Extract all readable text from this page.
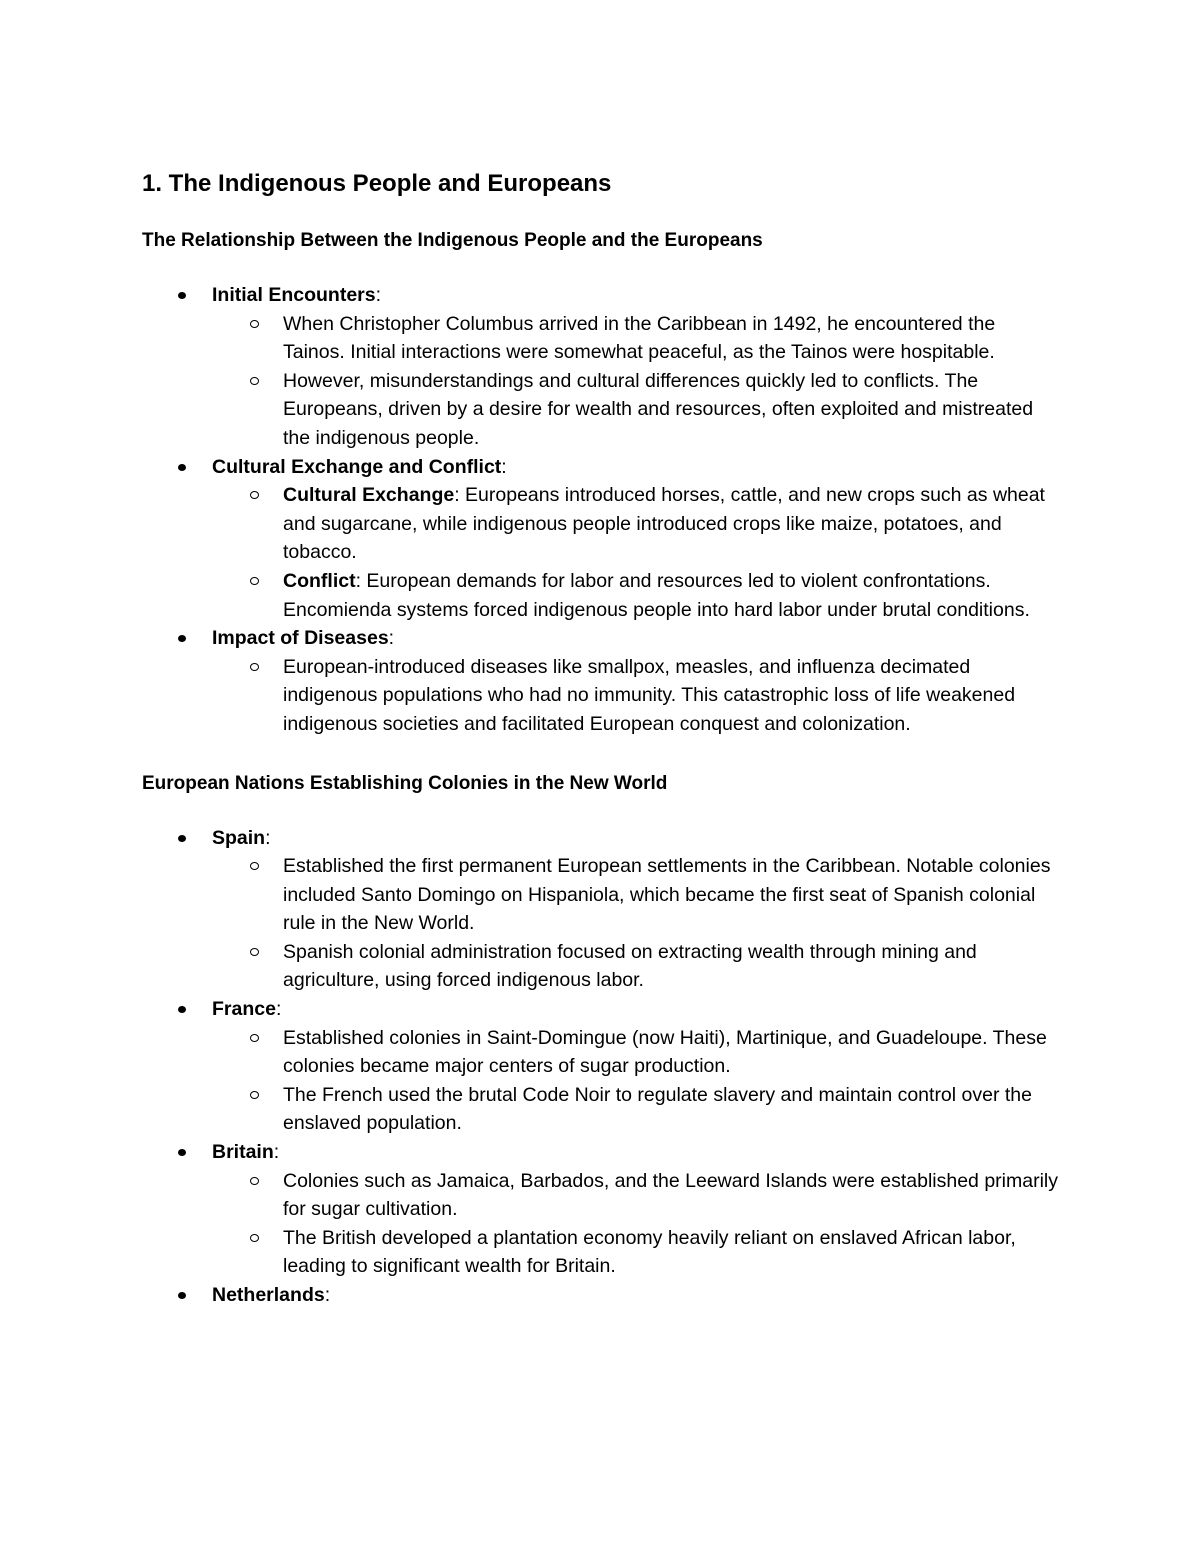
1. The Indigenous People and Europeans
The Relationship Between the Indigenous People and the Europeans
Initial Encounters:
When Christopher Columbus arrived in the Caribbean in 1492, he encountered the Tainos. Initial interactions were somewhat peaceful, as the Tainos were hospitable.
However, misunderstandings and cultural differences quickly led to conflicts. The Europeans, driven by a desire for wealth and resources, often exploited and mistreated the indigenous people.
Cultural Exchange and Conflict:
Cultural Exchange: Europeans introduced horses, cattle, and new crops such as wheat and sugarcane, while indigenous people introduced crops like maize, potatoes, and tobacco.
Conflict: European demands for labor and resources led to violent confrontations. Encomienda systems forced indigenous people into hard labor under brutal conditions.
Impact of Diseases:
European-introduced diseases like smallpox, measles, and influenza decimated indigenous populations who had no immunity. This catastrophic loss of life weakened indigenous societies and facilitated European conquest and colonization.
European Nations Establishing Colonies in the New World
Spain:
Established the first permanent European settlements in the Caribbean. Notable colonies included Santo Domingo on Hispaniola, which became the first seat of Spanish colonial rule in the New World.
Spanish colonial administration focused on extracting wealth through mining and agriculture, using forced indigenous labor.
France:
Established colonies in Saint-Domingue (now Haiti), Martinique, and Guadeloupe. These colonies became major centers of sugar production.
The French used the brutal Code Noir to regulate slavery and maintain control over the enslaved population.
Britain:
Colonies such as Jamaica, Barbados, and the Leeward Islands were established primarily for sugar cultivation.
The British developed a plantation economy heavily reliant on enslaved African labor, leading to significant wealth for Britain.
Netherlands:
